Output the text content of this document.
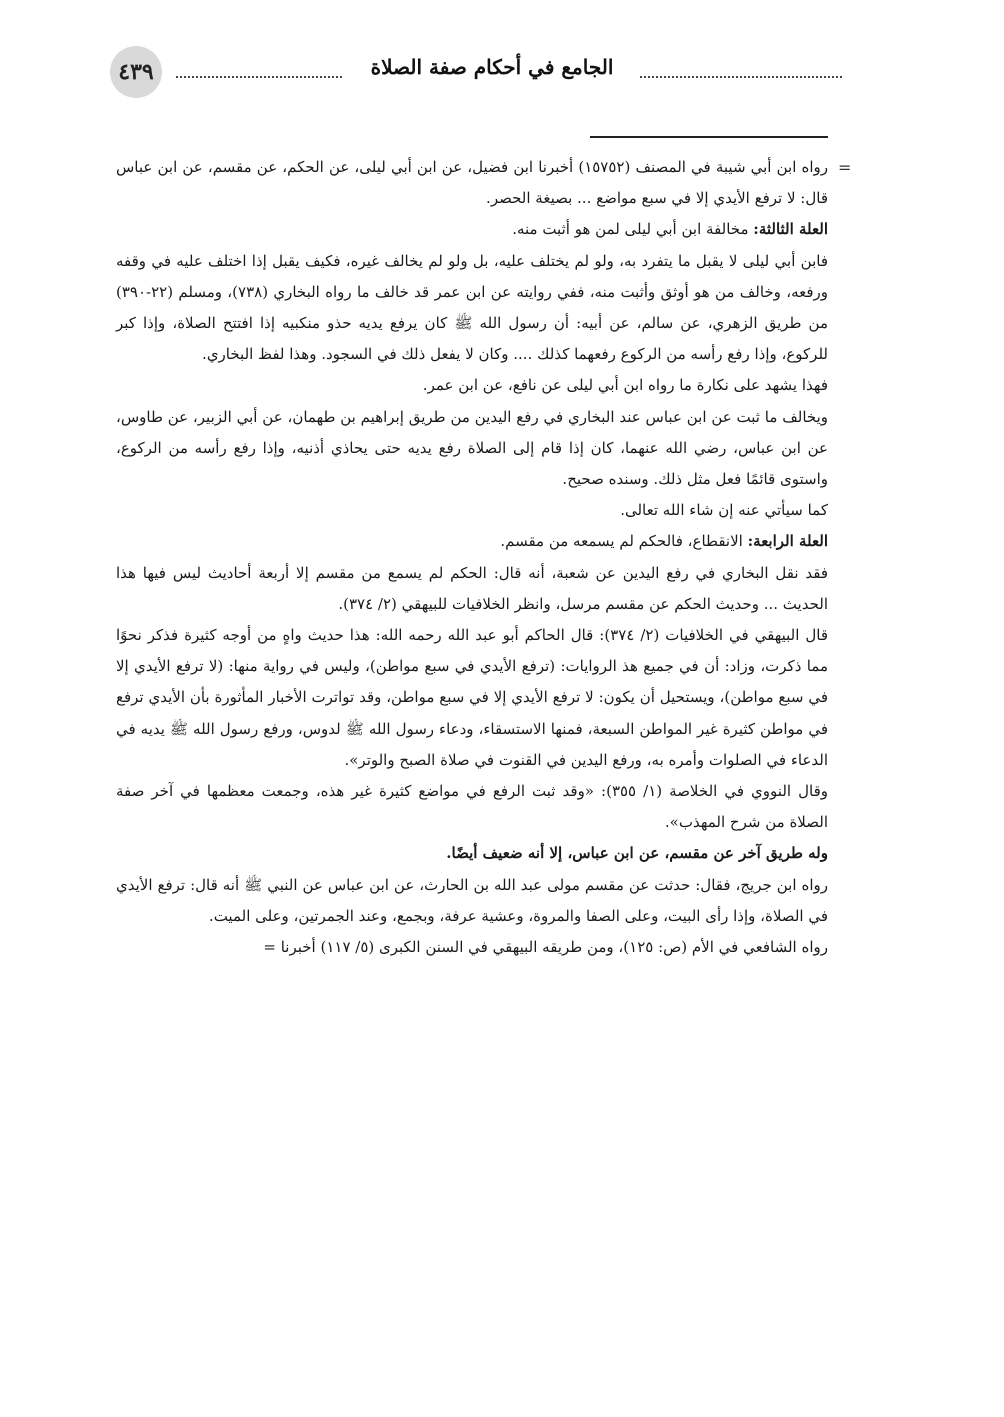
٤٣٩	الجامع في أحكام صفة الصلاة
=

رواه ابن أبي شيبة في المصنف (١٥٧٥٢) أخبرنا ابن فضيل، عن ابن أبي ليلى، عن الحكم، عن مقسم، عن ابن عباس قال: لا ترفع الأيدي إلا في سبع مواضع ... بصيغة الحصر.

العلة الثالثة: مخالفة ابن أبي ليلى لمن هو أثبت منه.

فابن أبي ليلى لا يقبل ما يتفرد به، ولو لم يختلف عليه، بل ولو لم يخالف غيره، فكيف يقبل إذا اختلف عليه في وقفه ورفعه، وخالف من هو أوثق وأثبت منه، ففي روايته عن ابن عمر قد خالف ما رواه البخاري (٧٣٨)، ومسلم (٢٢-٣٩٠) من طريق الزهري، عن سالم، عن أبيه: أن رسول الله ﷺ كان يرفع يديه حذو منكبيه إذا افتتح الصلاة، وإذا كبر للركوع، وإذا رفع رأسه من الركوع رفعهما كذلك .... وكان لا يفعل ذلك في السجود. وهذا لفظ البخاري.

فهذا يشهد على نكارة ما رواه ابن أبي ليلى عن نافع، عن ابن عمر.

ويخالف ما ثبت عن ابن عباس عند البخاري في رفع اليدين من طريق إبراهيم بن طهمان، عن أبي الزبير، عن طاوس، عن ابن عباس، رضي الله عنهما، كان إذا قام إلى الصلاة رفع يديه حتى يحاذي أذنيه، وإذا رفع رأسه من الركوع، واستوى قائمًا فعل مثل ذلك. وسنده صحيح.

كما سيأتي عنه إن شاء الله تعالى.

العلة الرابعة: الانقطاع، فالحكم لم يسمعه من مقسم.

فقد نقل البخاري في رفع اليدين عن شعبة، أنه قال: الحكم لم يسمع من مقسم إلا أربعة أحاديث ليس فيها هذا الحديث ... وحديث الحكم عن مقسم مرسل، وانظر الخلافيات للبيهقي (٢/ ٣٧٤).

قال البيهقي في الخلافيات (٢/ ٣٧٤): قال الحاكم أبو عبد الله رحمه الله: هذا حديث واهٍ من أوجه كثيرة فذكر نحوًا مما ذكرت، وزاد: أن في جميع هذ الروايات: (ترفع الأيدي في سبع مواطن)، وليس في رواية منها: (لا ترفع الأيدي إلا في سبع مواطن)، ويستحيل أن يكون: لا ترفع الأيدي إلا في سبع مواطن، وقد تواترت الأخبار المأثورة بأن الأيدي ترفع في مواطن كثيرة غير المواطن السبعة، فمنها الاستسقاء، ودعاء رسول الله ﷺ لدوس، ورفع رسول الله ﷺ يديه في الدعاء في الصلوات وأمره به، ورفع اليدين في القنوت في صلاة الصبح والوتر».

وقال النووي في الخلاصة (١/ ٣٥٥): «وقد ثبت الرفع في مواضع كثيرة غير هذه، وجمعت معظمها في آخر صفة الصلاة من شرح المهذب».

وله طريق آخر عن مقسم، عن ابن عباس، إلا أنه ضعيف أيضًا.

رواه ابن جريج، فقال: حدثت عن مقسم مولى عبد الله بن الحارث، عن ابن عباس عن النبي ﷺ أنه قال: ترفع الأيدي في الصلاة، وإذا رأى البيت، وعلى الصفا والمروة، وعشية عرفة، وبجمع، وعند الجمرتين، وعلى الميت.

رواه الشافعي في الأم (ص: ١٢٥)، ومن طريقه البيهقي في السنن الكبرى (٥/ ١١٧) أخبرنا =
